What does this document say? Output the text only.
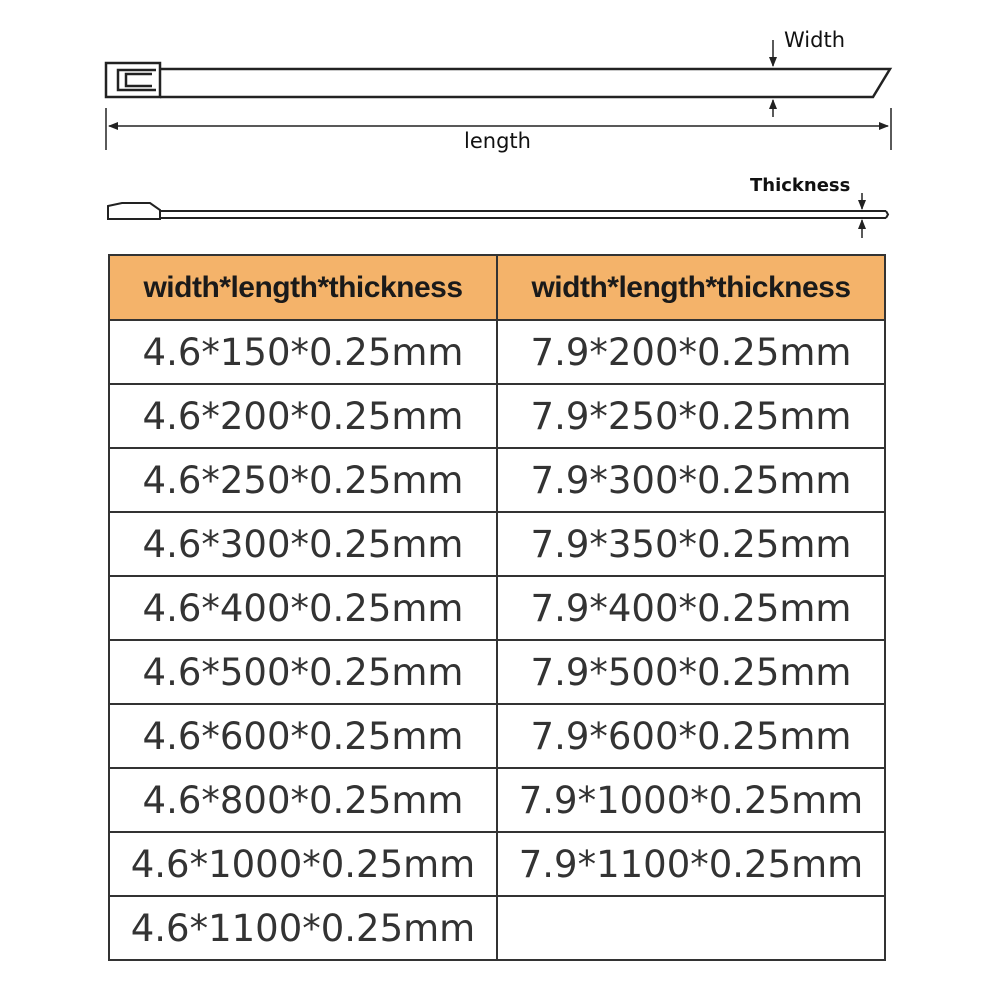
Width
length
Thickness
width*length*thickness	width*length*thickness
4.6*150*0.25mm	7.9*200*0.25mm
4.6*200*0.25mm	7.9*250*0.25mm
4.6*250*0.25mm	7.9*300*0.25mm
4.6*300*0.25mm	7.9*350*0.25mm
4.6*400*0.25mm	7.9*400*0.25mm
4.6*500*0.25mm	7.9*500*0.25mm
4.6*600*0.25mm	7.9*600*0.25mm
4.6*800*0.25mm	7.9*1000*0.25mm
4.6*1000*0.25mm	7.9*1100*0.25mm
4.6*1100*0.25mm	
